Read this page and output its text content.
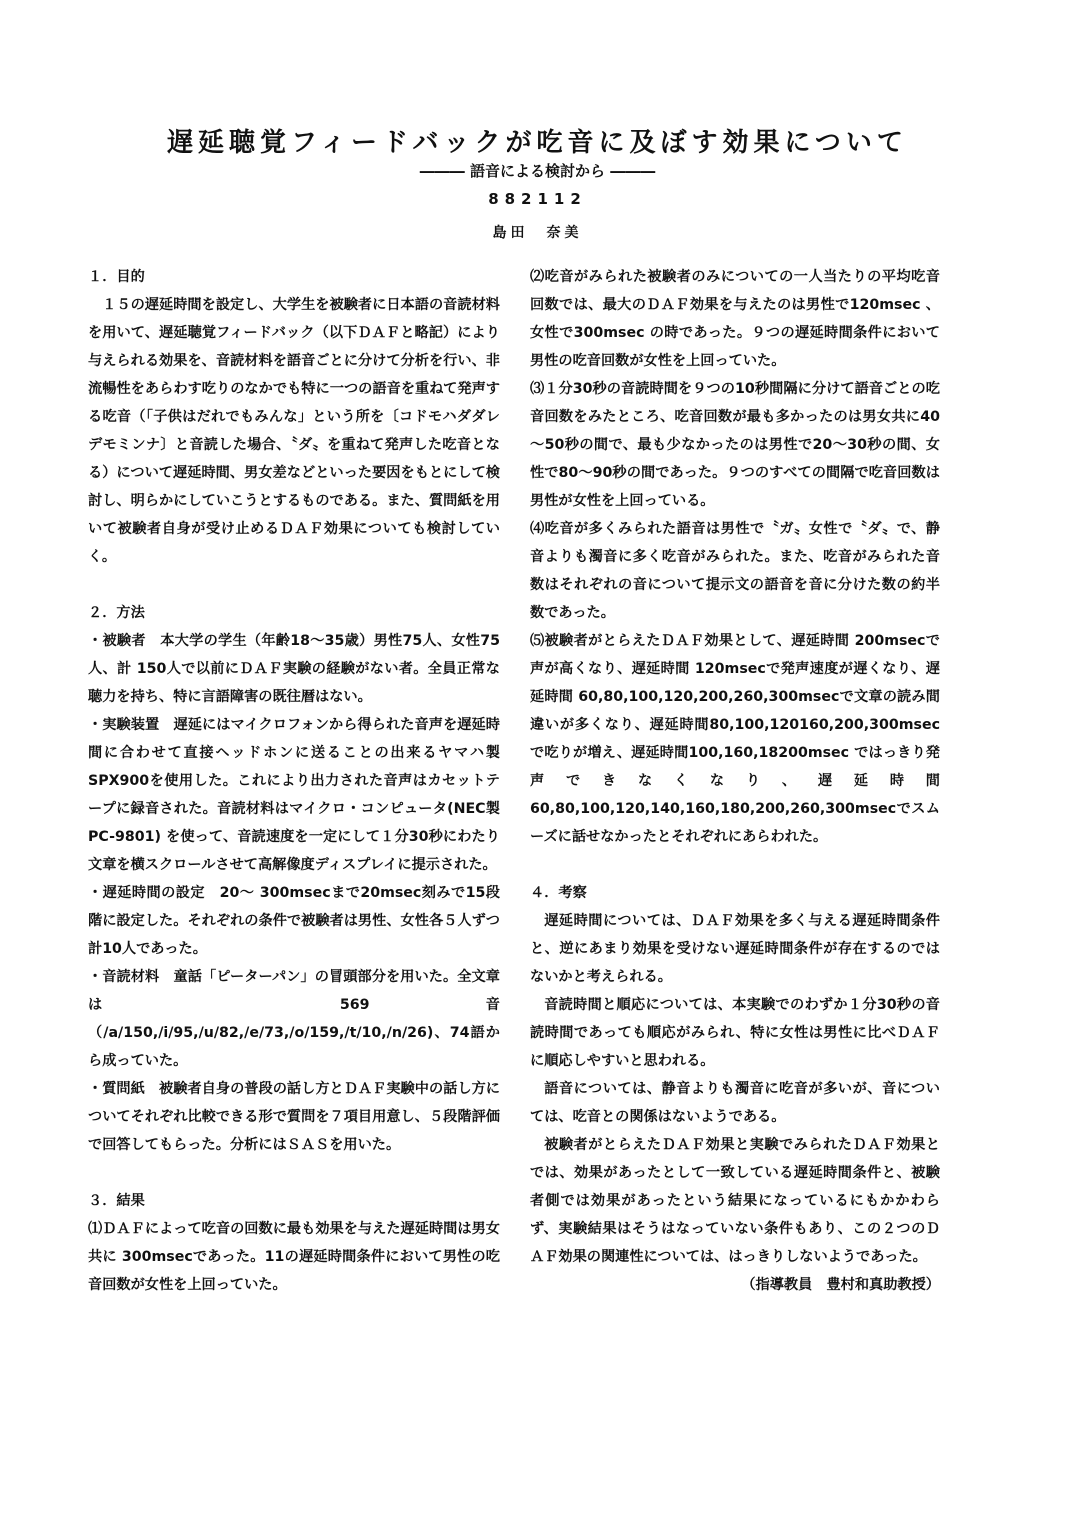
遅延聴覚フィードバックが吃音に及ぼす効果について
――― 語音による検討から ―――
882112
島田　奈美

１．目的

１５の遅延時間を設定し、大学生を被験者に日本語の音読材料を用いて、遅延聴覚フィードバック（以下ＤＡＦと略記）により与えられる効果を、音読材料を語音ごとに分けて分析を行い、非流暢性をあらわす吃りのなかでも特に一つの語音を重ねて発声する吃音（「子供はだれでもみんな」という所を〔コドモハダダレデモミンナ〕と音読した場合、〝ダ〟を重ねて発声した吃音となる）について遅延時間、男女差などといった要因をもとにして検討し、明らかにしていこうとするものである。また、質問紙を用いて被験者自身が受け止めるＤＡＦ効果についても検討していく。

２．方法

・被験者　本大学の学生（年齢18～35歳）男性75人、女性75人、計 150人で以前にＤＡＦ実験の経験がない者。全員正常な聴力を持ち、特に言語障害の既往暦はない。

・実験装置　遅延にはマイクロフォンから得られた音声を遅延時間に合わせて直接ヘッドホンに送ることの出来るヤマハ製SPX900を使用した。これにより出力された音声はカセットテープに録音された。音読材料はマイクロ・コンピュータ(NEC製 PC-9801) を使って、音読速度を一定にして１分30秒にわたり文章を横スクロールさせて高解像度ディスプレイに提示された。

・遅延時間の設定　20～ 300msecまで20msec刻みで15段階に設定した。それぞれの条件で被験者は男性、女性各５人ずつ計10人であった。

・音読材料　童話「ピーターパン」の冒頭部分を用いた。全文章は 569音（/a/150,/i/95,/u/82,/e/73,/o/159,/t/10,/n/26)、74語から成っていた。

・質問紙　被験者自身の普段の話し方とＤＡＦ実験中の話し方についてそれぞれ比較できる形で質問を７項目用意し、５段階評価で回答してもらった。分析にはＳＡＳを用いた。

３．結果

⑴ＤＡＦによって吃音の回数に最も効果を与えた遅延時間は男女共に 300msecであった。11の遅延時間条件において男性の吃音回数が女性を上回っていた。

⑵吃音がみられた被験者のみについての一人当たりの平均吃音回数では、最大のＤＡＦ効果を与えたのは男性で120msec 、女性で300msec の時であった。９つの遅延時間条件において男性の吃音回数が女性を上回っていた。

⑶１分30秒の音読時間を９つの10秒間隔に分けて語音ごとの吃音回数をみたところ、吃音回数が最も多かったのは男女共に40～50秒の間で、最も少なかったのは男性で20～30秒の間、女性で80～90秒の間であった。９つのすべての間隔で吃音回数は男性が女性を上回っている。

⑷吃音が多くみられた語音は男性で〝ガ〟女性で〝ダ〟で、静音よりも濁音に多く吃音がみられた。また、吃音がみられた音数はそれぞれの音について提示文の語音を音に分けた数の約半数であった。

⑸被験者がとらえたＤＡＦ効果として、遅延時間 200msecで声が高くなり、遅延時間 120msecで発声速度が遅くなり、遅延時間 60,80,100,120,200,260,300msecで文章の読み間違いが多くなり、遅延時間80,100,120160,200,300msec で吃りが増え、遅延時間100,160,18200msec ではっきり発声できなくなり、遅延時間 60,80,100,120,140,160,180,200,260,300msecでスムーズに話せなかったとそれぞれにあらわれた。

４．考察

遅延時間については、ＤＡＦ効果を多く与える遅延時間条件と、逆にあまり効果を受けない遅延時間条件が存在するのではないかと考えられる。

音読時間と順応については、本実験でのわずか１分30秒の音読時間であっても順応がみられ、特に女性は男性に比べＤＡＦに順応しやすいと思われる。

語音については、静音よりも濁音に吃音が多いが、音については、吃音との関係はないようである。

被験者がとらえたＤＡＦ効果と実験でみられたＤＡＦ効果とでは、効果があったとして一致している遅延時間条件と、被験者側では効果があったという結果になっているにもかかわらず、実験結果はそうはなっていない条件もあり、この２つのＤＡＦ効果の関連性については、はっきりしないようであった。

（指導教員　豊村和真助教授）
